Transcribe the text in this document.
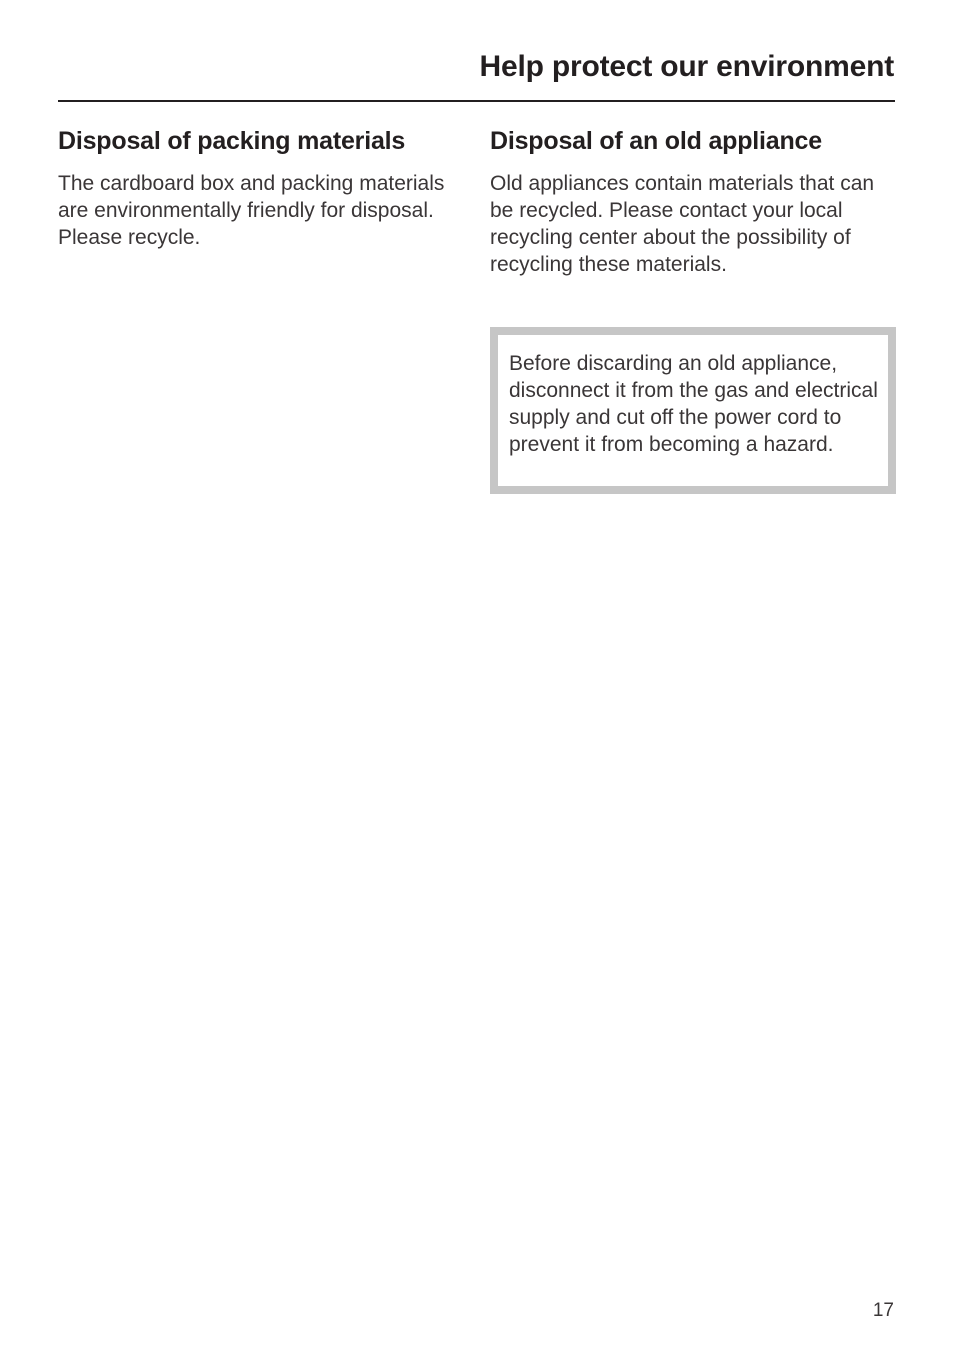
Help protect our environment
Disposal of packing materials

The cardboard box and packing materials are environmentally friendly for disposal. Please recycle.

Disposal of an old appliance

Old appliances contain materials that can be recycled. Please contact your local recycling center about the possibility of recycling these materials.

Before discarding an old appliance, disconnect it from the gas and electrical supply and cut off the power cord to prevent it from becoming a hazard.

17
